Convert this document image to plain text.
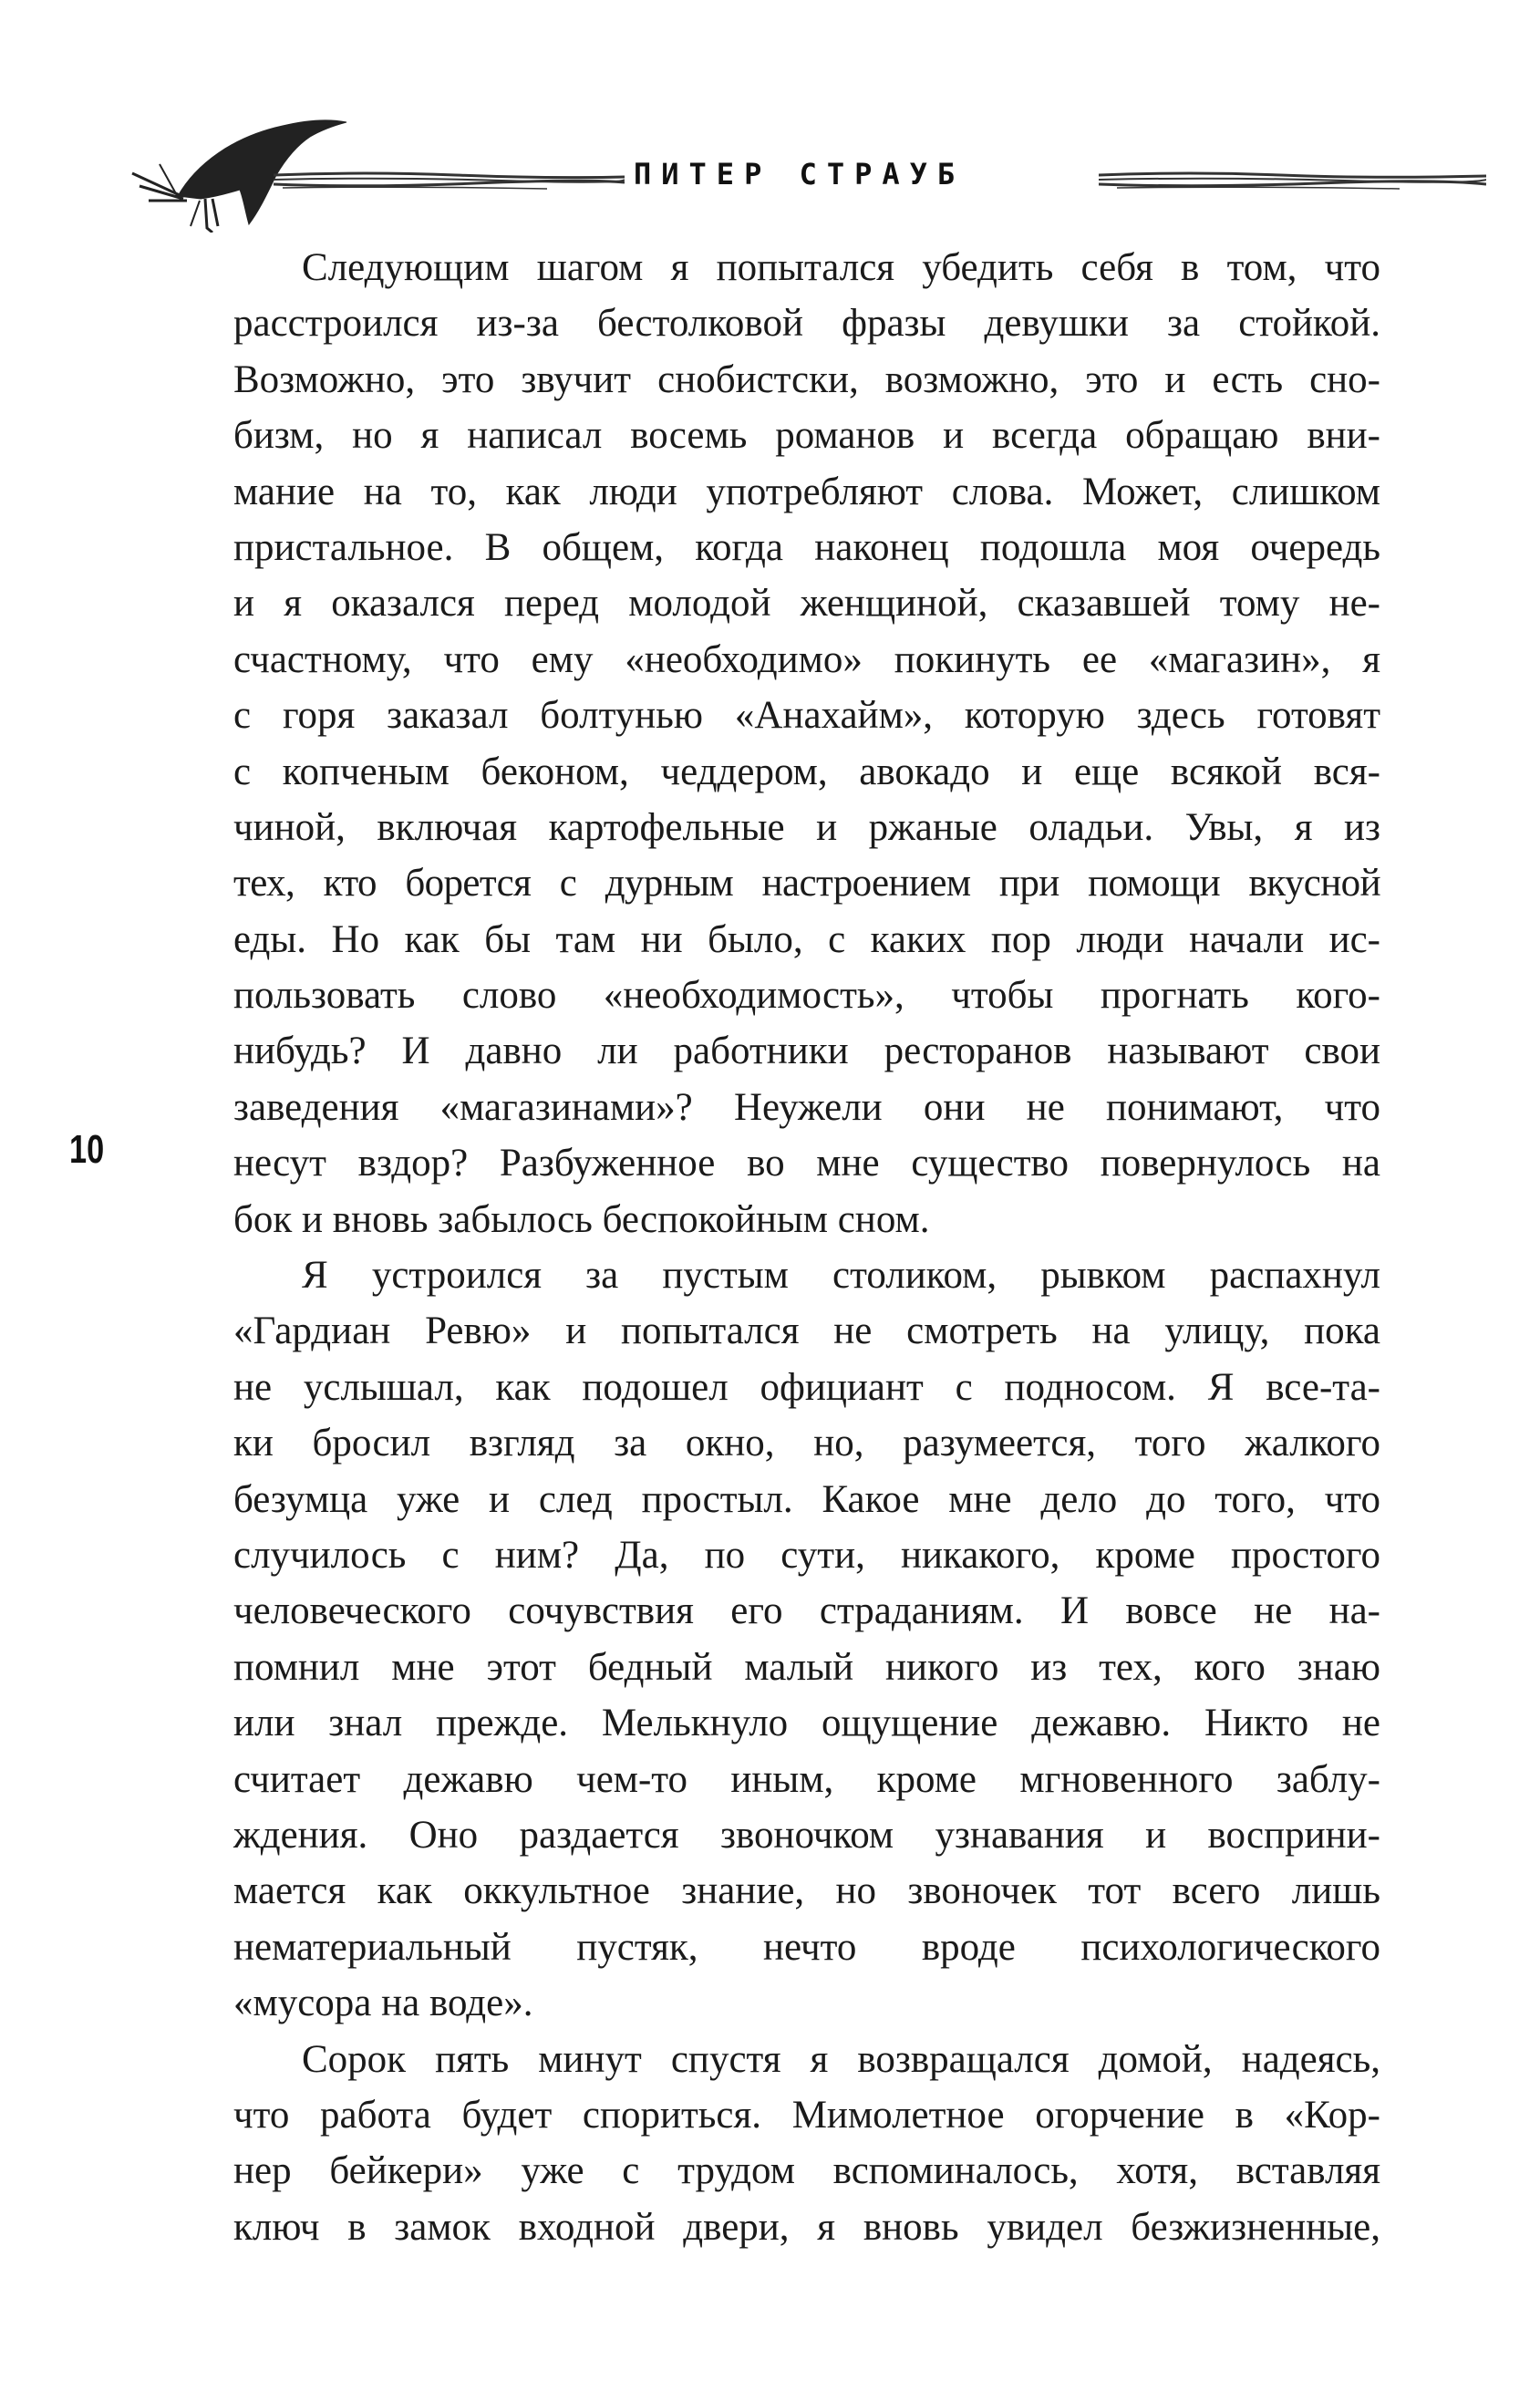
ПИТЕР СТРАУБ
10
Следующим шагом я попытался убедить себя в том, что
расстроился из-за бестолковой фразы девушки за стойкой.
Возможно, это звучит снобистски, возможно, это и есть сно-
бизм, но я написал восемь романов и всегда обращаю вни-
мание на то, как люди употребляют слова. Может, слишком
пристальное. В общем, когда наконец подошла моя очередь
и я оказался перед молодой женщиной, сказавшей тому не-
счастному, что ему «необходимо» покинуть ее «магазин», я
с горя заказал болтунью «Анахайм», которую здесь готовят
с копченым беконом, чеддером, авокадо и еще всякой вся-
чиной, включая картофельные и ржаные оладьи. Увы, я из
тех, кто борется с дурным настроением при помощи вкусной
еды. Но как бы там ни было, с каких пор люди начали ис-
пользовать слово «необходимость», чтобы прогнать кого-
нибудь? И давно ли работники ресторанов называют свои
заведения «магазинами»? Неужели они не понимают, что
несут вздор? Разбуженное во мне существо повернулось на
бок и вновь забылось беспокойным сном.
Я устроился за пустым столиком, рывком распахнул
«Гардиан Ревю» и попытался не смотреть на улицу, пока
не услышал, как подошел официант с подносом. Я все-та-
ки бросил взгляд за окно, но, разумеется, того жалкого
безумца уже и след простыл. Какое мне дело до того, что
случилось с ним? Да, по сути, никакого, кроме простого
человеческого сочувствия его страданиям. И вовсе не на-
помнил мне этот бедный малый никого из тех, кого знаю
или знал прежде. Мелькнуло ощущение дежавю. Никто не
считает дежавю чем-то иным, кроме мгновенного заблу-
ждения. Оно раздается звоночком узнавания и восприни-
мается как оккультное знание, но звоночек тот всего лишь
нематериальный пустяк, нечто вроде психологического
«мусора на воде».
Сорок пять минут спустя я возвращался домой, надеясь,
что работа будет спориться. Мимолетное огорчение в «Кор-
нер бейкери» уже с трудом вспоминалось, хотя, вставляя
ключ в замок входной двери, я вновь увидел безжизненные,
